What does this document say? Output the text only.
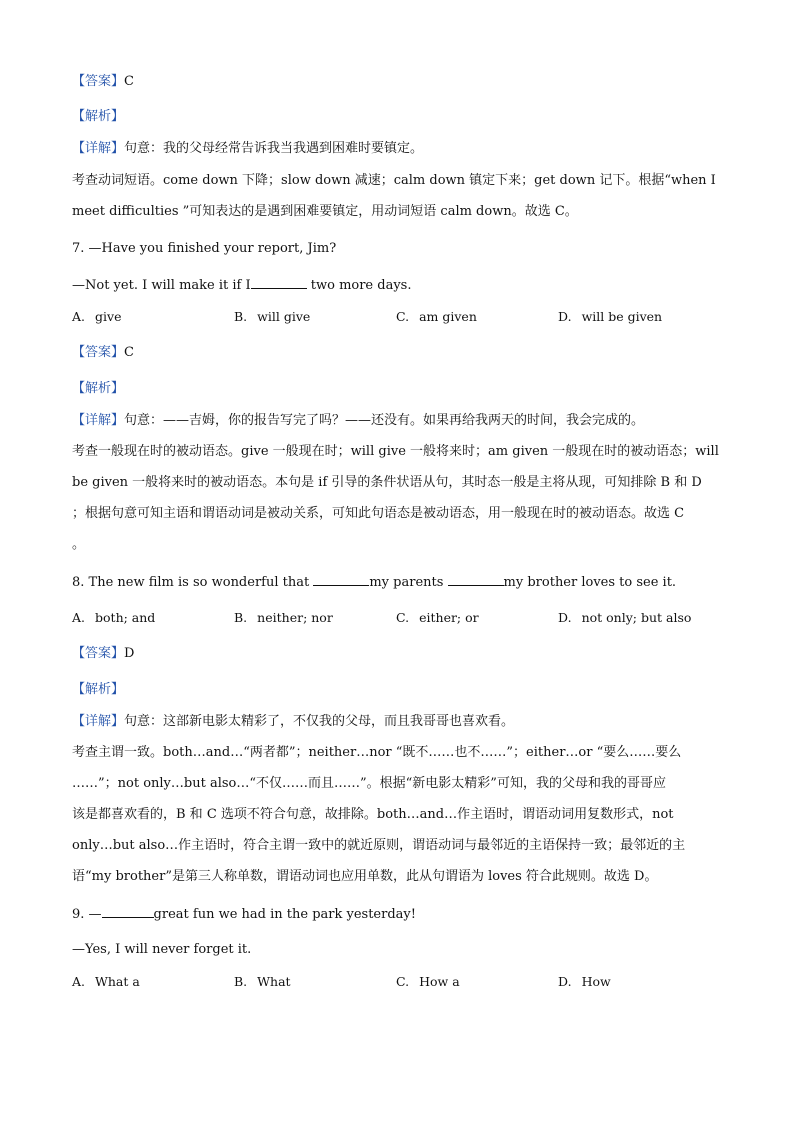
【答案】C
【解析】
【详解】句意：我的父母经常告诉我当我遇到困难时要镇定。
考查动词短语。come down 下降；slow down 减速；calm down 镇定下来；get down 记下。根据“when I
meet difficulties ”可知表达的是遇到困难要镇定，用动词短语 calm down。故选 C。
7. —Have you finished your report, Jim?
—Not yet. I will make it if I	two more days.
A. give	B. will give	C. am given	D. will be given
【答案】C
【解析】
【详解】句意：——吉姆，你的报告写完了吗？——还没有。如果再给我两天的时间，我会完成的。
考查一般现在时的被动语态。give 一般现在时；will give 一般将来时；am given 一般现在时的被动语态；will
be given 一般将来时的被动语态。本句是 if 引导的条件状语从句，其时态一般是主将从现，可知排除 B 和 D
；根据句意可知主语和谓语动词是被动关系，可知此句语态是被动语态，用一般现在时的被动语态。故选 C
。
8. The new film is so wonderful that	my parents	my brother loves to see it.
A. both; and	B. neither; nor	C. either; or	D. not only; but also
【答案】D
【解析】
【详解】句意：这部新电影太精彩了，不仅我的父母，而且我哥哥也喜欢看。
考查主谓一致。both…and…“两者都”；neither…nor “既不……也不……”；either…or “要么……要么
……”；not only…but also…“不仅……而且……”。根据“新电影太精彩”可知，我的父母和我的哥哥应
该是都喜欢看的，B 和 C 选项不符合句意，故排除。both…and…作主语时，谓语动词用复数形式，not
only…but also…作主语时，符合主谓一致中的就近原则，谓语动词与最邻近的主语保持一致；最邻近的主
语“my brother”是第三人称单数，谓语动词也应用单数，此从句谓语为 loves 符合此规则。故选 D。
9. —	great fun we had in the park yesterday!
—Yes, I will never forget it.
A. What a	B. What	C. How a	D. How
